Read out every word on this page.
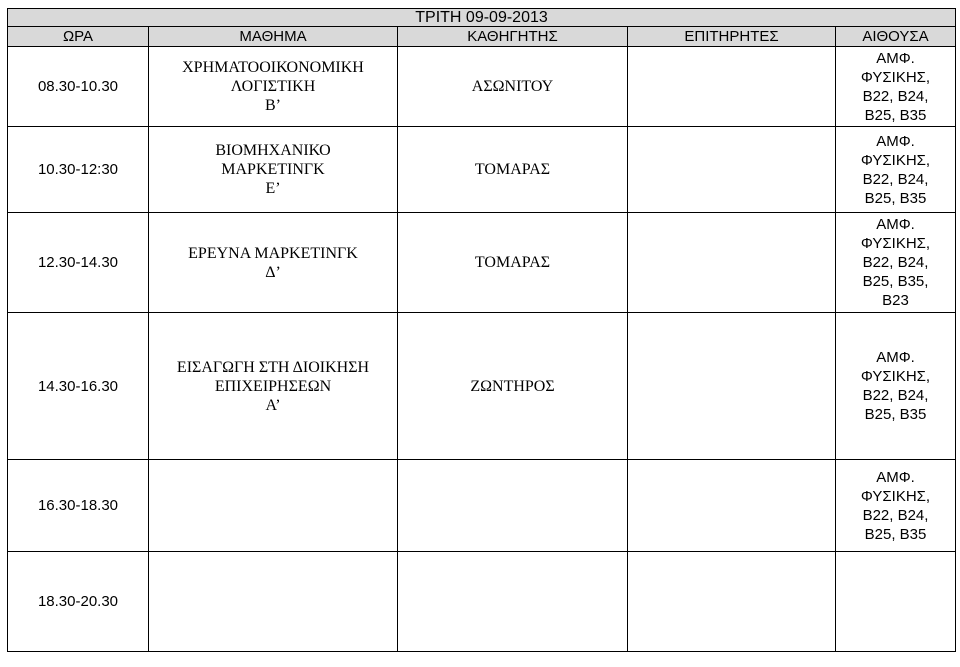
ΤΡΙΤΗ 09-09-2013				
ΩΡΑ	ΜΑΘΗΜΑ	ΚΑΘΗΓΗΤΗΣ	ΕΠΙΤΗΡΗΤΕΣ	ΑΙΘΟΥΣΑ
08.30-10.30	ΧΡΗΜΑΤΟΟΙΚΟΝΟΜΙΚΗ
ΛΟΓΙΣΤΙΚΗ
Β’	ΑΣΩΝΙΤΟΥ		ΑΜΦ.
ΦΥΣΙΚΗΣ,
Β22, Β24,
Β25, Β35
10.30-12:30	ΒΙΟΜΗΧΑΝΙΚΟ
ΜΑΡΚΕΤΙΝΓΚ
Ε’	ΤΟΜΑΡΑΣ		ΑΜΦ.
ΦΥΣΙΚΗΣ,
Β22, Β24,
Β25, Β35
12.30-14.30	ΕΡΕΥΝΑ ΜΑΡΚΕΤΙΝΓΚ
Δ’	ΤΟΜΑΡΑΣ		ΑΜΦ.
ΦΥΣΙΚΗΣ,
Β22, Β24,
Β25, Β35,
Β23
14.30-16.30	ΕΙΣΑΓΩΓΗ ΣΤΗ ΔΙΟΙΚΗΣΗ
ΕΠΙΧΕΙΡΗΣΕΩΝ
Α’	ΖΩΝΤΗΡΟΣ		ΑΜΦ.
ΦΥΣΙΚΗΣ,
Β22, Β24,
Β25, Β35
16.30-18.30				ΑΜΦ.
ΦΥΣΙΚΗΣ,
Β22, Β24,
Β25, Β35
18.30-20.30				
